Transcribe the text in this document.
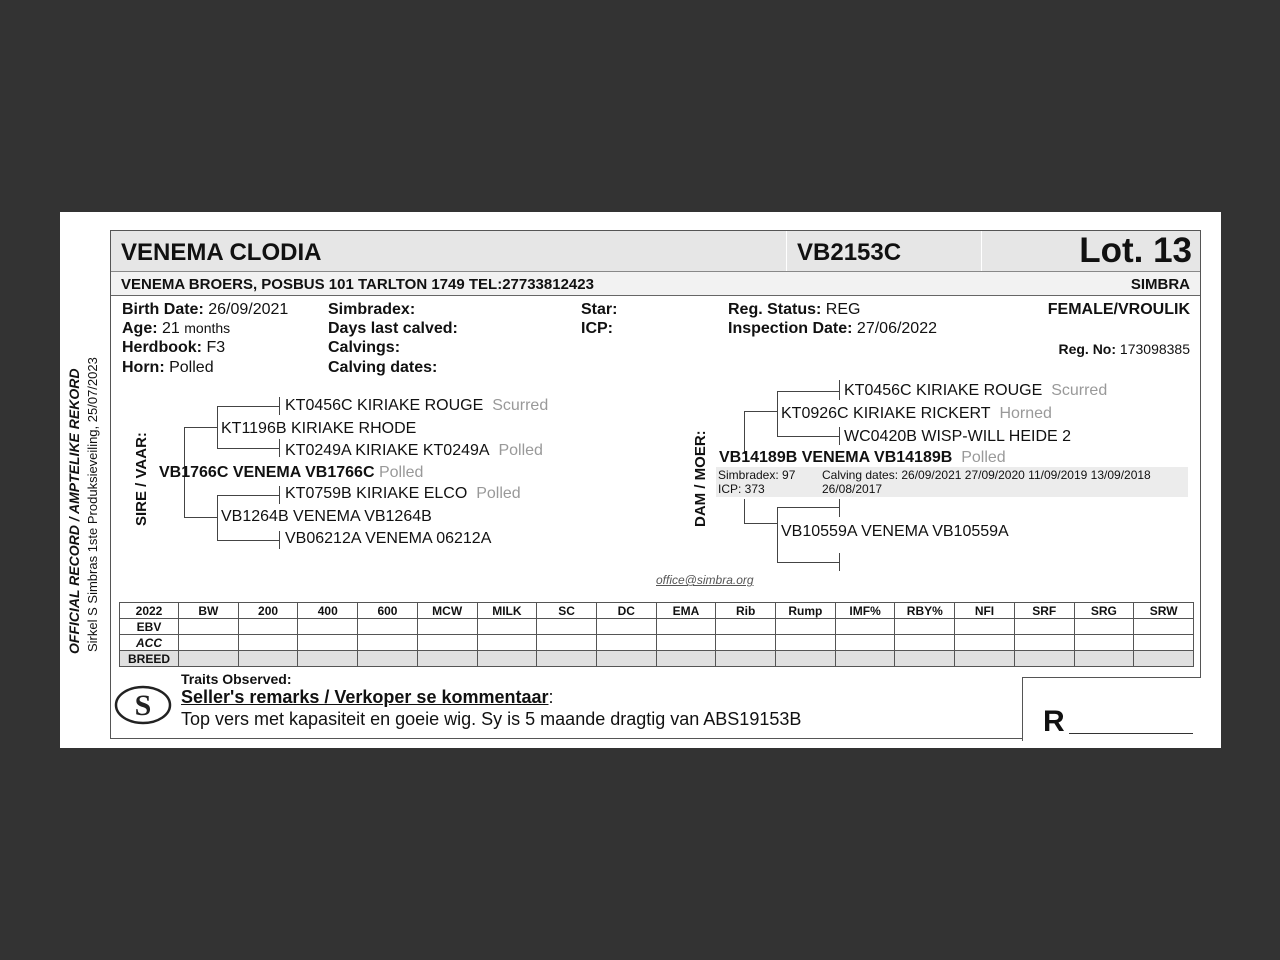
OFFICIAL RECORD / AMPTELIKE REKORD Sirkel S Simbras 1ste Produksieveiling, 25/07/2023
VENEMA CLODIA	VB2153C	Lot. 13
VENEMA BROERS, POSBUS 101 TARLTON 1749 TEL:27733812423	SIMBRA
Birth Date: 26/09/2021
Age: 21 months
Herdbook: F3
Horn: Polled
Simbradex:
Days last calved:
Calvings:
Calving dates:
Star:
ICP:
Reg. Status: REG
Inspection Date: 27/06/2022
FEMALE/VROULIK
Reg. No: 173098385
SIRE / VAAR:
KT0456C KIRIAKE ROUGE Scurred
KT1196B KIRIAKE RHODE
KT0249A KIRIAKE KT0249A Polled
VB1766C VENEMA VB1766C Polled
KT0759B KIRIAKE ELCO Polled
VB1264B VENEMA VB1264B
VB06212A VENEMA 06212A
DAM / MOER:
KT0456C KIRIAKE ROUGE Scurred
KT0926C KIRIAKE RICKERT Horned
WC0420B WISP-WILL HEIDE 2
VB14189B VENEMA VB14189B Polled
Simbradex: 97
ICP: 373
Calving dates: 26/09/2021 27/09/2020 11/09/2019 13/09/2018
26/08/2017
VB10559A VENEMA VB10559A
office@simbra.org
2022	BW	200	400	600	MCW	MILK	SC	DC	EMA	Rib	Rump	IMF%	RBY%	NFI	SRF	SRG	SRW
EBV																	
ACC																	
BREED																	
S
Traits Observed:
Seller's remarks / Verkoper se kommentaar:
Top vers met kapasiteit en goeie wig. Sy is 5 maande dragtig van ABS19153B	R
